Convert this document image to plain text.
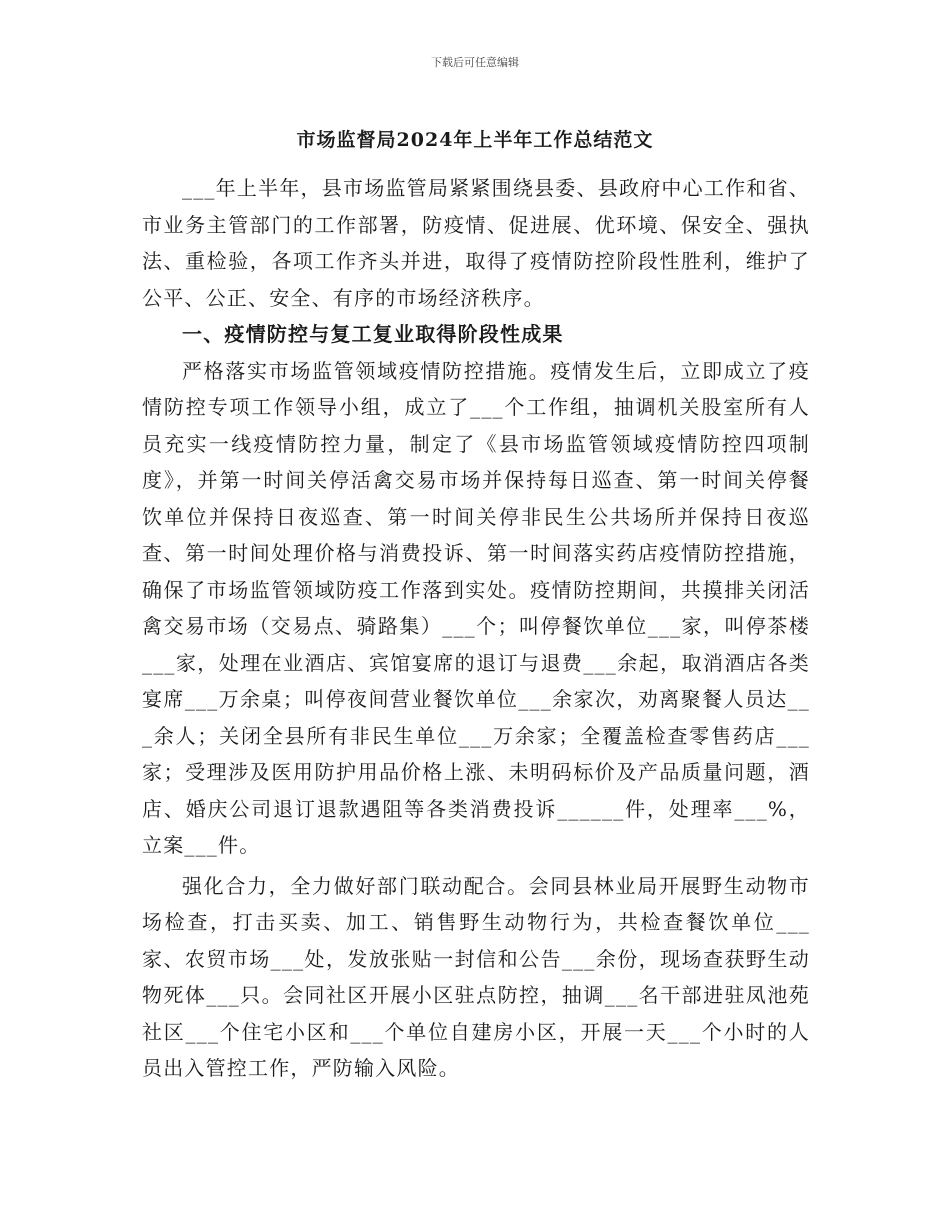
下载后可任意编辑
市场监督局2024年上半年工作总结范文

___年上半年，县市场监管局紧紧围绕县委、县政府中心工作和省、市业务主管部门的工作部署，防疫情、促进展、优环境、保安全、强执法、重检验，各项工作齐头并进，取得了疫情防控阶段性胜利，维护了公平、公正、安全、有序的市场经济秩序。

一、疫情防控与复工复业取得阶段性成果

严格落实市场监管领域疫情防控措施。疫情发生后，立即成立了疫情防控专项工作领导小组，成立了___个工作组，抽调机关股室所有人员充实一线疫情防控力量，制定了《县市场监管领域疫情防控四项制度》，并第一时间关停活禽交易市场并保持每日巡查、第一时间关停餐饮单位并保持日夜巡查、第一时间关停非民生公共场所并保持日夜巡查、第一时间处理价格与消费投诉、第一时间落实药店疫情防控措施，确保了市场监管领域防疫工作落到实处。疫情防控期间，共摸排关闭活禽交易市场（交易点、骑路集）___个；叫停餐饮单位___家，叫停茶楼___家，处理在业酒店、宾馆宴席的退订与退费___余起，取消酒店各类宴席___万余桌；叫停夜间营业餐饮单位___余家次，劝离聚餐人员达___余人；关闭全县所有非民生单位___万余家；全覆盖检查零售药店___家；受理涉及医用防护用品价格上涨、未明码标价及产品质量问题，酒店、婚庆公司退订退款遇阻等各类消费投诉______件，处理率___%，立案___件。

强化合力，全力做好部门联动配合。会同县林业局开展野生动物市场检查，打击买卖、加工、销售野生动物行为，共检查餐饮单位___家、农贸市场___处，发放张贴一封信和公告___余份，现场查获野生动物死体___只。会同社区开展小区驻点防控，抽调___名干部进驻凤池苑社区___个住宅小区和___个单位自建房小区，开展一天___个小时的人员出入管控工作，严防输入风险。
